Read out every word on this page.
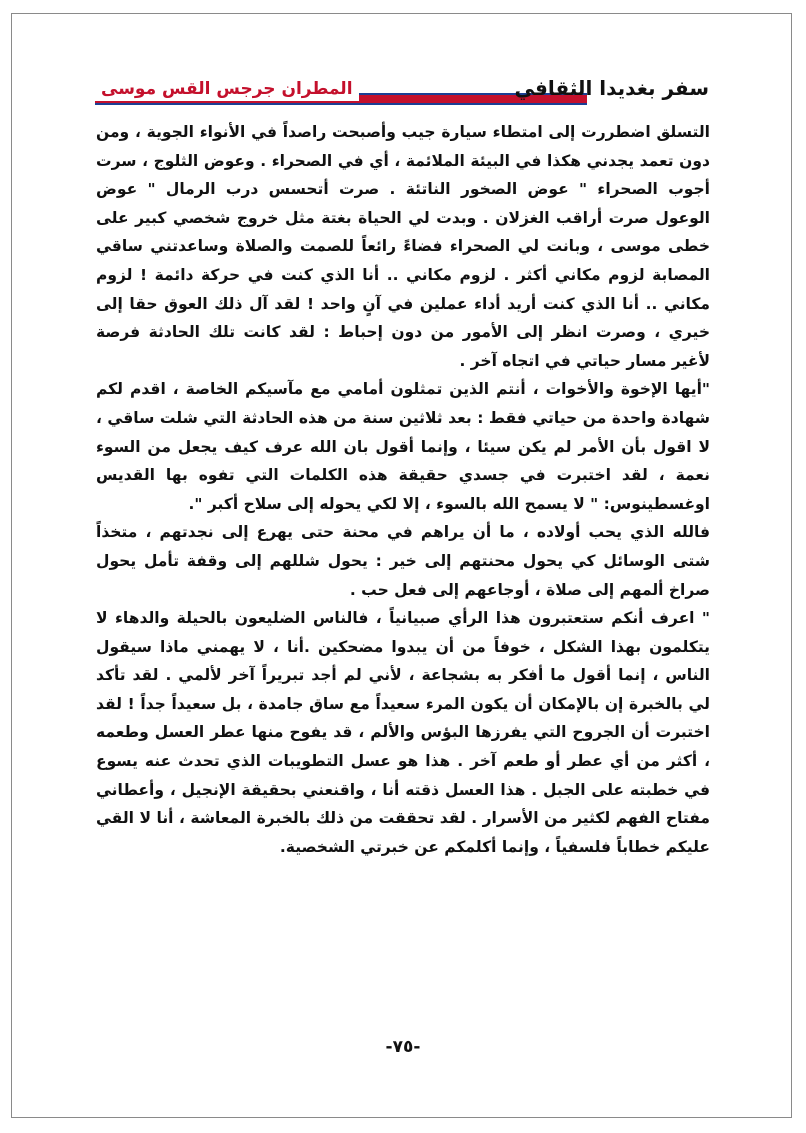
المطران جرجس القس موسى	سفر بغديدا الثقافي

التسلق اضطررت إلى امتطاء سيارة جيب وأصبحت راصداً في الأنواء الجوية ، ومن دون تعمد يجدني هكذا في البيئة الملائمة ، أي في الصحراء . وعوض الثلوج ، سرت أجوب الصحراء " عوض الصخور الناتئة . صرت أتحسس درب الرمال " عوض الوعول صرت أراقب الغزلان . وبدت لي الحياة بغتة مثل خروج شخصي كبير على خطى موسى ، وبانت لي الصحراء فضاءً رائعاً للصمت والصلاة وساعدتني ساقي المصابة لزوم مكاني أكثر . لزوم مكاني .. أنا الذي كنت في حركة دائمة ! لزوم مكاني .. أنا الذي كنت أريد أداء عملين في آنٍ واحد ! لقد آل ذلك العوق حقا إلى خيري ، وصرت انظر إلى الأمور من دون إحباط : لقد كانت تلك الحادثة فرصة لأغير مسار حياتي في اتجاه آخر .

"أيها الإخوة والأخوات ، أنتم الذين تمثلون أمامي مع مآسيكم الخاصة ، اقدم لكم شهادة واحدة من حياتي فقط : بعد ثلاثين سنة من هذه الحادثة التي شلت ساقي ، لا اقول بأن الأمر لم يكن سيئا ، وإنما أقول بان الله عرف كيف يجعل من السوء نعمة ، لقد اختبرت في جسدي حقيقة هذه الكلمات التي تفوه بها القديس اوغسطينوس: " لا يسمح الله بالسوء ، إلا لكي يحوله إلى سلاح أكبر ".

فالله الذي يحب أولاده ، ما أن يراهم في محنة حتى يهرع إلى نجدتهم ، متخذاً شتى الوسائل كي يحول محنتهم إلى خير : يحول شللهم إلى وقفة تأمل يحول صراخ ألمهم إلى صلاة ، أوجاعهم إلى فعل حب .

" اعرف أنكم ستعتبرون هذا الرأي صبيانياً ، فالناس الضليعون بالحيلة والدهاء لا يتكلمون بهذا الشكل ، خوفاً من أن يبدوا مضحكين .أنا ، لا يهمني ماذا سيقول الناس ، إنما أقول ما أفكر به بشجاعة ، لأني لم أجد تبريراً آخر لألمي . لقد تأكد لي بالخبرة إن بالإمكان أن يكون المرء سعيداً مع ساق جامدة ، بل سعيداً جداً ! لقد اختبرت أن الجروح التي يفرزها البؤس والألم ، قد يفوح منها عطر العسل وطعمه ، أكثر من أي عطر أو طعم آخر . هذا هو عسل التطويبات الذي تحدث عنه يسوع في خطبته على الجبل . هذا العسل ذقته أنا ، واقنعني بحقيقة الإنجيل ، وأعطاني مفتاح الفهم لكثير من الأسرار . لقد تحققت من ذلك بالخبرة المعاشة ، أنا لا القي عليكم خطاباً فلسفياً ، وإنما أكلمكم عن خبرتي الشخصية.

-٧٥-
